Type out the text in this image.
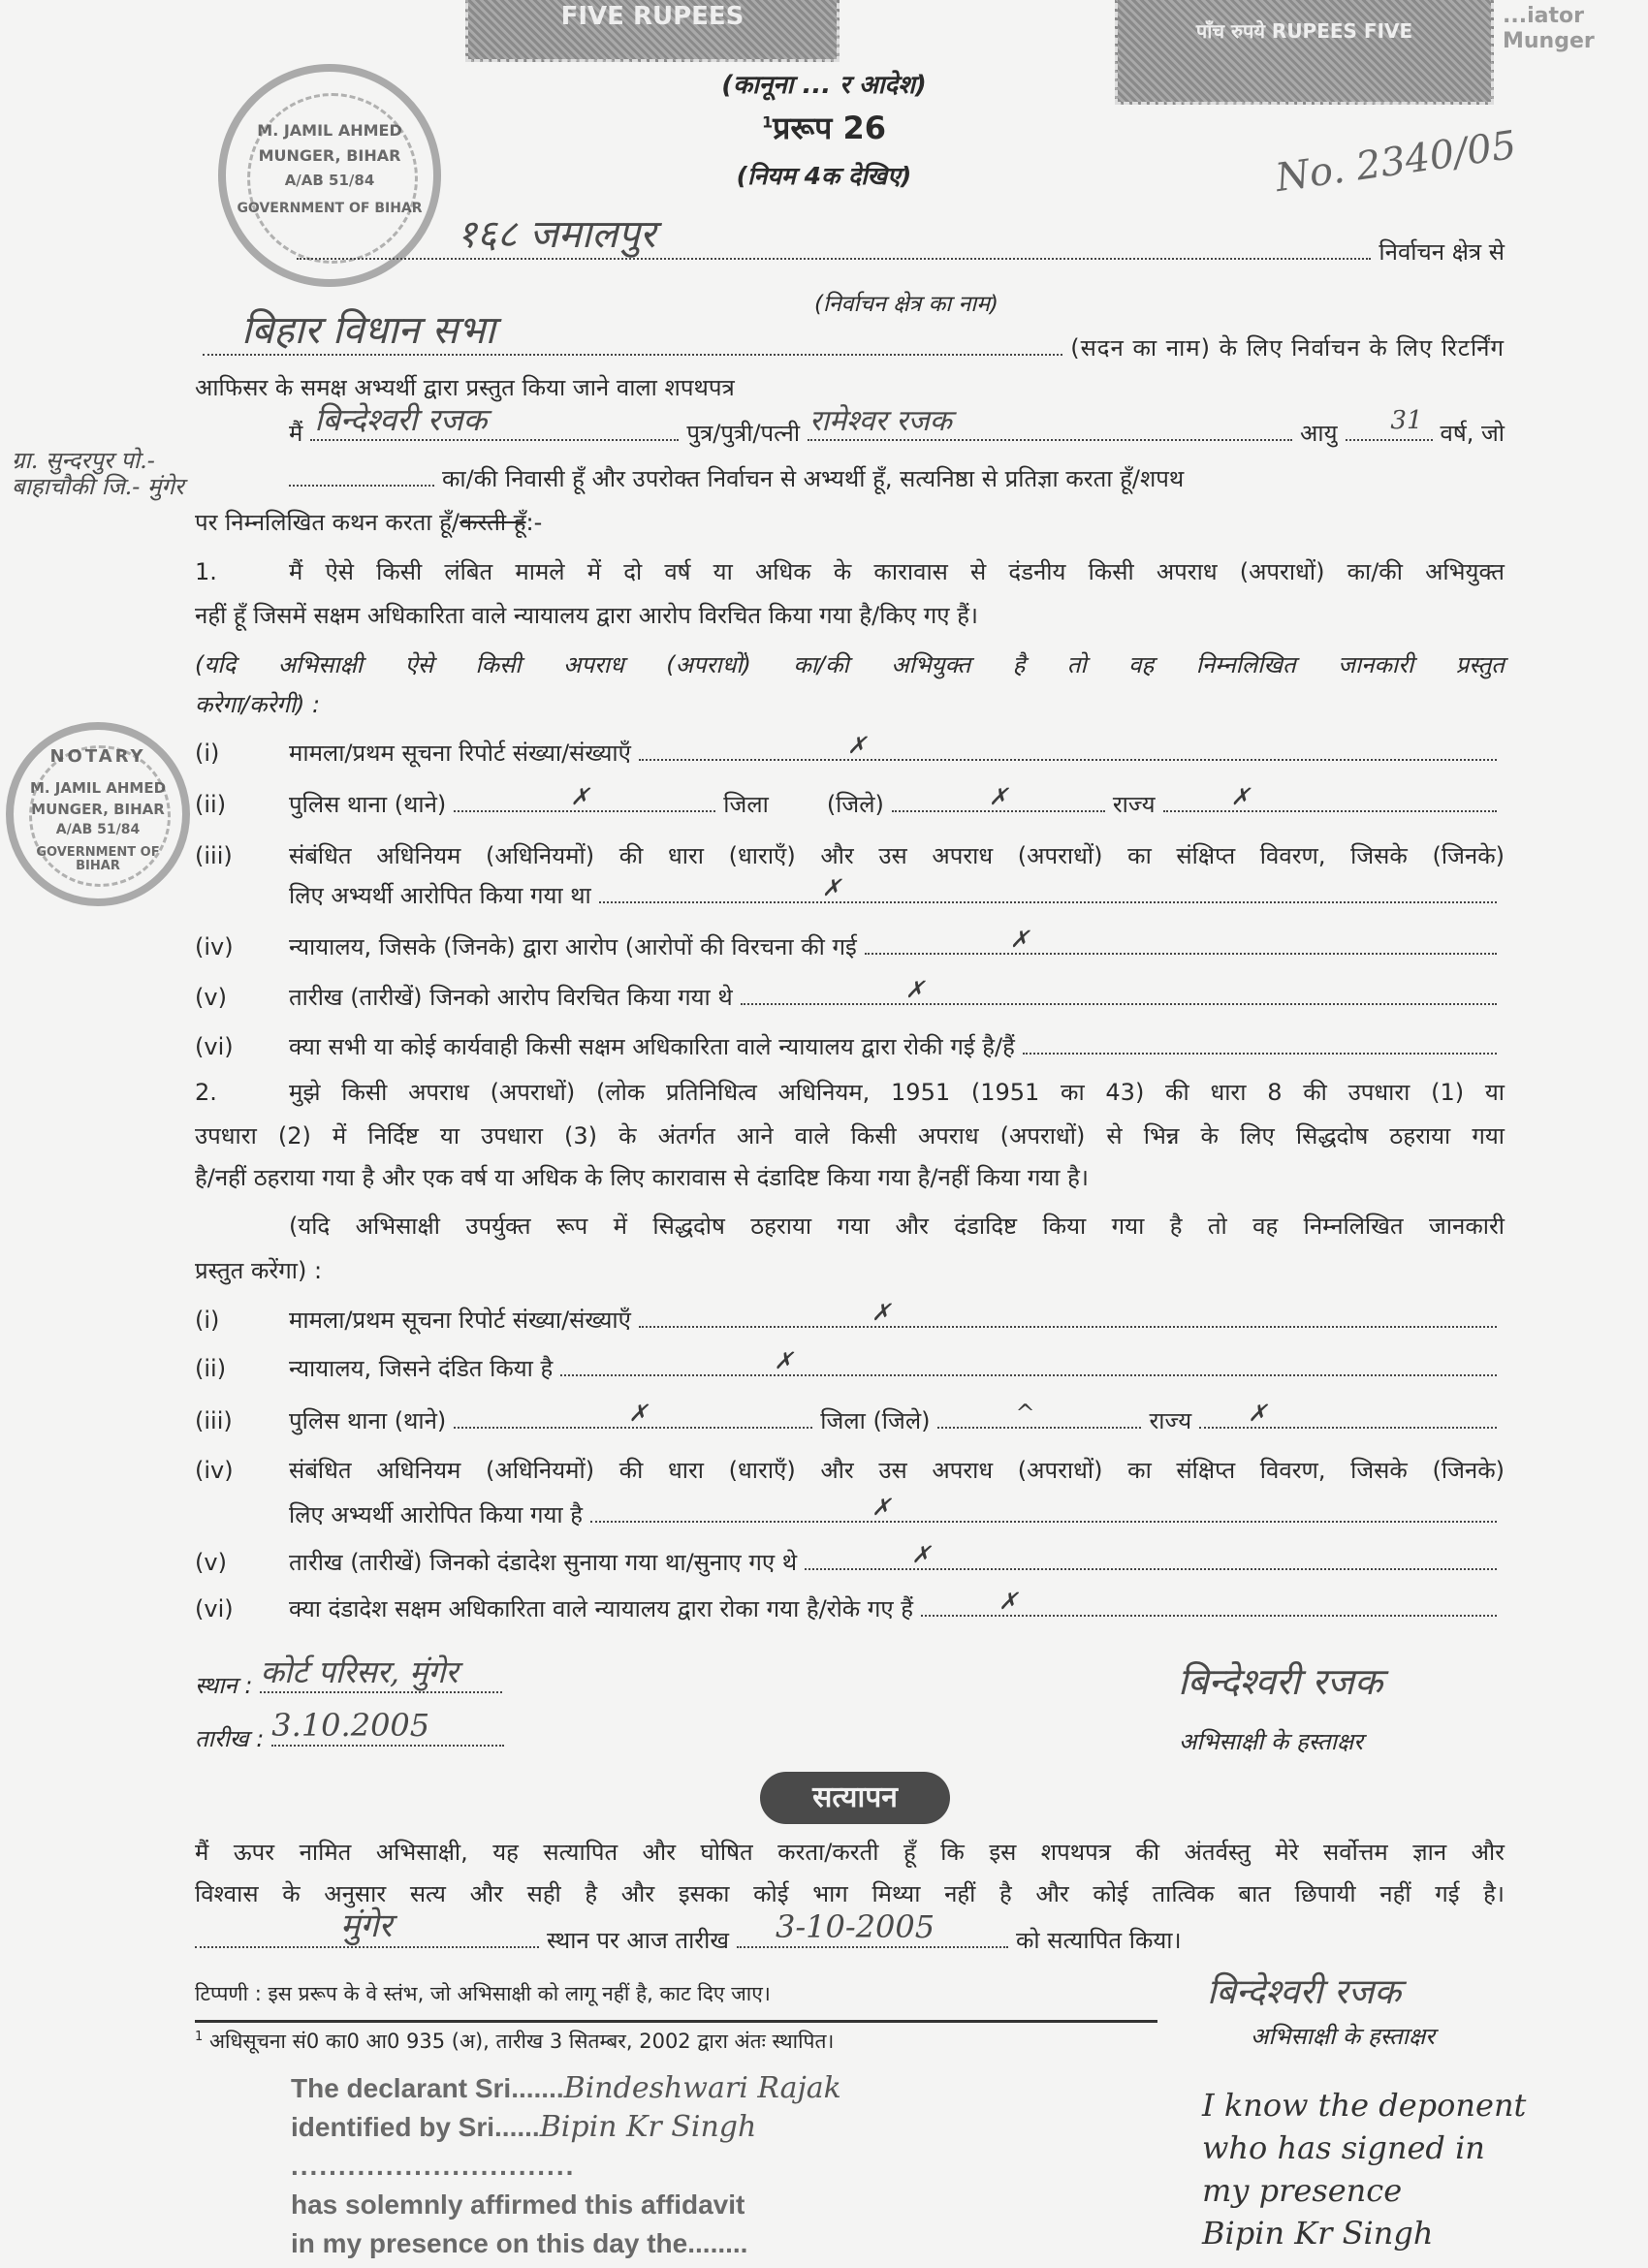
FIVE RUPEES	पाँच रुपये RUPEES FIVE
...iator Munger
M. JAMIL AHMED
MUNGER, BIHAR
A/AB 51/84
GOVERNMENT OF BIHAR
No. 2340/05
NOTARY
M. JAMIL AHMED
MUNGER, BIHAR
A/AB 51/84
GOVERNMENT OF BIHAR
(कानूना ... र आदेश)
$^1$प्ररूप 26
(नियम 4क देखिए)
१६८ जमालपुर	निर्वाचन क्षेत्र से
(निर्वाचन क्षेत्र का नाम)
बिहार विधान सभा	(सदन का नाम) के लिए निर्वाचन के लिए रिटर्निंग
आफिसर के समक्ष अभ्यर्थी द्वारा प्रस्तुत किया जाने वाला शपथपत्र
मैं बिन्देश्वरी रजक	पुत्र/पुत्री/पत्नी रामेश्वर रजक	आयु 31 वर्ष, जो
ग्रा. सुन्दरपुर पो.- बाहाचौकी जि.- मुंगेर	का/की निवासी हूँ और उपरोक्त निर्वाचन से अभ्यर्थी हूँ, सत्यनिष्ठा से प्रतिज्ञा करता हूँ/शपथ
पर निम्नलिखित कथन करता हूँ/ करती हूँ :-
1.	मैं ऐसे किसी लंबित मामले में दो वर्ष या अधिक के कारावास से दंडनीय किसी अपराध (अपराधों) का/की अभियुक्त
नहीं हूँ जिसमें सक्षम अधिकारिता वाले न्यायालय द्वारा आरोप विरचित किया गया है/किए गए हैं।
(यदि अभिसाक्षी ऐसे किसी अपराध (अपराधों) का/की अभियुक्त है तो वह निम्नलिखित जानकारी प्रस्तुत
करेगा/करेगी) :
(i)	मामला/प्रथम सूचना रिपोर्ट संख्या/संख्याएँ	✗
(ii)	पुलिस थाना (थाने)	✗	जिला	(जिले)	✗	राज्य	✗
(iii)	संबंधित अधिनियम (अधिनियमों) की धारा (धाराएँ) और उस अपराध (अपराधों) का संक्षिप्त विवरण, जिसके (जिनके)
लिए अभ्यर्थी आरोपित किया गया था	✗
(iv)	न्यायालय, जिसके (जिनके) द्वारा आरोप (आरोपों की विरचना की गई	✗
(v)	तारीख (तारीखें) जिनको आरोप विरचित किया गया थे	✗
(vi)	क्या सभी या कोई कार्यवाही किसी सक्षम अधिकारिता वाले न्यायालय द्वारा रोकी गई है/हैं
2.	मुझे किसी अपराध (अपराधों) (लोक प्रतिनिधित्व अधिनियम, 1951 (1951 का 43) की धारा 8 की उपधारा (1) या
उपधारा (2) में निर्दिष्ट या उपधारा (3) के अंतर्गत आने वाले किसी अपराध (अपराधों) से भिन्न के लिए सिद्धदोष ठहराया गया
है/नहीं ठहराया गया है और एक वर्ष या अधिक के लिए कारावास से दंडादिष्ट किया गया है/नहीं किया गया है।
(यदि अभिसाक्षी उपर्युक्त रूप में सिद्धदोष ठहराया गया और दंडादिष्ट किया गया है तो वह निम्नलिखित जानकारी
प्रस्तुत करेंगा) :
(i)	मामला/प्रथम सूचना रिपोर्ट संख्या/संख्याएँ	✗
(ii)	न्यायालय, जिसने दंडित किया है	✗
(iii)	पुलिस थाना (थाने)	✗	जिला (जिले)	^	राज्य ✗
(iv)	संबंधित अधिनियम (अधिनियमों) की धारा (धाराएँ) और उस अपराध (अपराधों) का संक्षिप्त विवरण, जिसके (जिनके)
लिए अभ्यर्थी आरोपित किया गया है	✗
(v)	तारीख (तारीखें) जिनको दंडादेश सुनाया गया था/सुनाए गए थे	✗
(vi)	क्या दंडादेश सक्षम अधिकारिता वाले न्यायालय द्वारा रोका गया है/रोके गए हैं	✗
स्थान : कोर्ट परिसर, मुंगेर
तारीख : 3.10.2005
बिन्देश्वरी रजक
अभिसाक्षी के हस्ताक्षर
सत्यापन
मैं ऊपर नामित अभिसाक्षी, यह सत्यापित और घोषित करता/करती हूँ कि इस शपथपत्र की अंतर्वस्तु मेरे सर्वोत्तम ज्ञान और
विश्वास के अनुसार सत्य और सही है और इसका कोई भाग मिथ्या नहीं है और कोई तात्विक बात छिपायी नहीं गई है।
मुंगेर	स्थान पर आज तारीख 3-10-2005	को सत्यापित किया।
बिन्देश्वरी रजक
अभिसाक्षी के हस्ताक्षर
टिप्पणी : इस प्ररूप के वे स्तंभ, जो अभिसाक्षी को लागू नहीं है, काट दिए जाए।
$^1$ अधिसूचना सं0 का0 आ0 935 (अ), तारीख 3 सितम्बर, 2002 द्वारा अंतः स्थापित।
The declarant Sri.......Bindeshwari Rajak
identified by Sri......Bipin Kr Singh
..............................
has solemnly affirmed this affidavit
in my presence on this day the........
I know the deponent
who has signed in
my presence
Bipin Kr Singh
